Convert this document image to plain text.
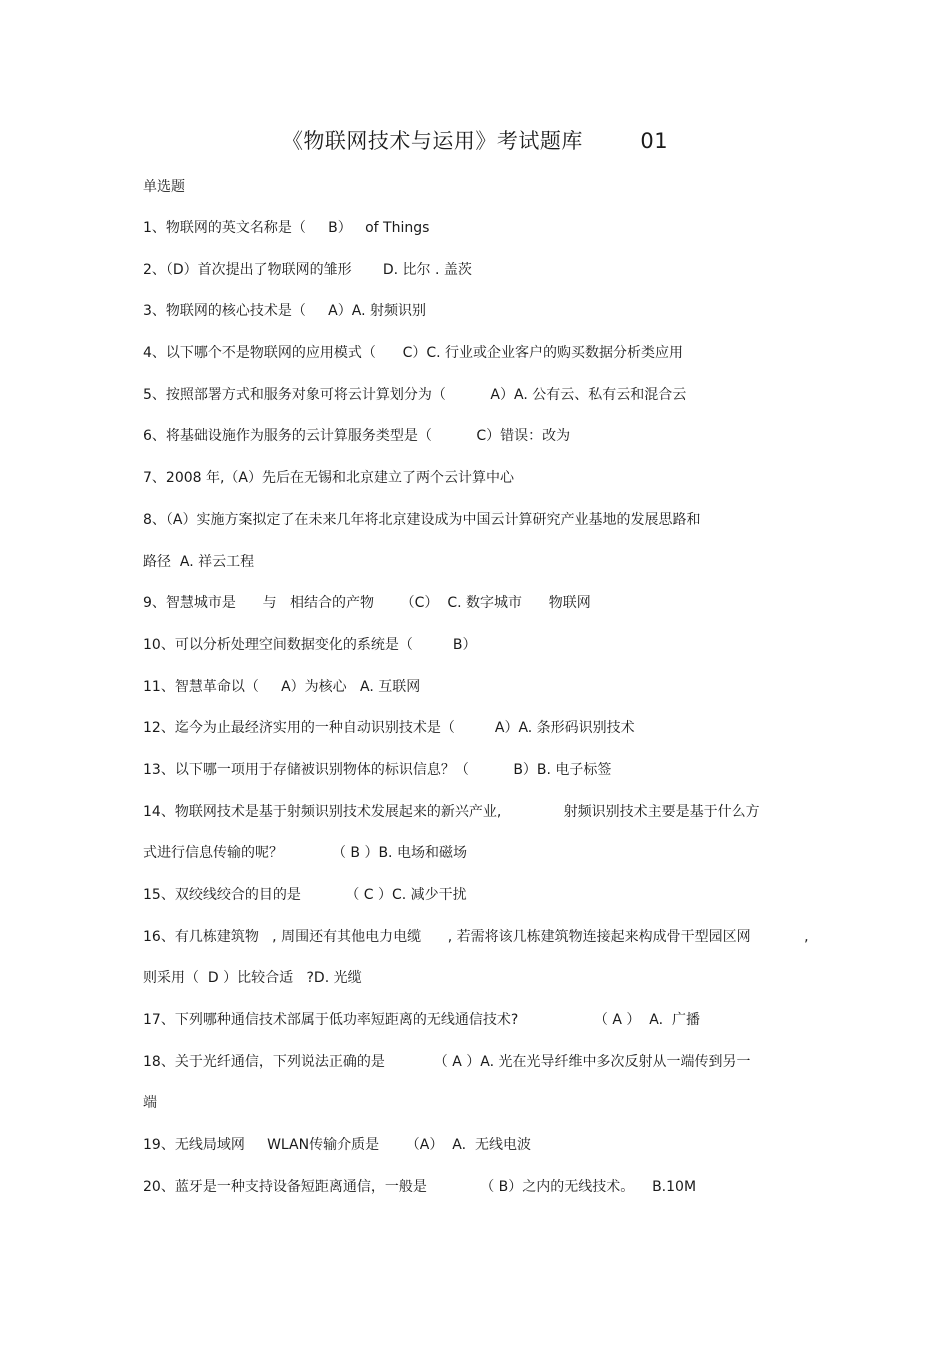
《物联网技术与运用》考试题库        01
单选题
1、物联网的英文名称是（     B）   of Things
2、（D）首次提出了物联网的雏形       D. 比尔 . 盖茨
3、物联网的核心技术是（     A）A. 射频识别
4、以下哪个不是物联网的应用模式（      C）C. 行业或企业客户的购买数据分析类应用
5、按照部署方式和服务对象可将云计算划分为（          A）A. 公有云、私有云和混合云
6、将基础设施作为服务的云计算服务类型是（          C）错误：改为
7、2008 年,（A）先后在无锡和北京建立了两个云计算中心
8、（A）实施方案拟定了在未来几年将北京建设成为中国云计算研究产业基地的发展思路和
路径  A. 祥云工程
9、智慧城市是      与   相结合的产物      （C）  C. 数字城市      物联网
10、可以分析处理空间数据变化的系统是（         B）
11、智慧革命以（     A）为核心   A. 互联网
12、迄今为止最经济实用的一种自动识别技术是（         A）A. 条形码识别技术
13、以下哪一项用于存储被识别物体的标识信息？（          B）B. 电子标签
14、物联网技术是基于射频识别技术发展起来的新兴产业,              射频识别技术主要是基于什么方
式进行信息传输的呢？           （ B ）B. 电场和磁场
15、双绞线绞合的目的是          （ C ）C. 减少干扰
16、有几栋建筑物   , 周围还有其他电力电缆      , 若需将该几栋建筑物连接起来构成骨干型园区网            ,
则采用（  D ）比较合适   ?D. 光缆
17、下列哪种通信技术部属于低功率短距离的无线通信技术?                 （ A ）  A.  广播
18、关于光纤通信，下列说法正确的是           （ A ）A. 光在光导纤维中多次反射从一端传到另一
端
19、无线局域网     WLAN传输介质是      （A）  A.  无线电波
20、蓝牙是一种支持设备短距离通信，一般是            （ B）之内的无线技术。    B.10M
